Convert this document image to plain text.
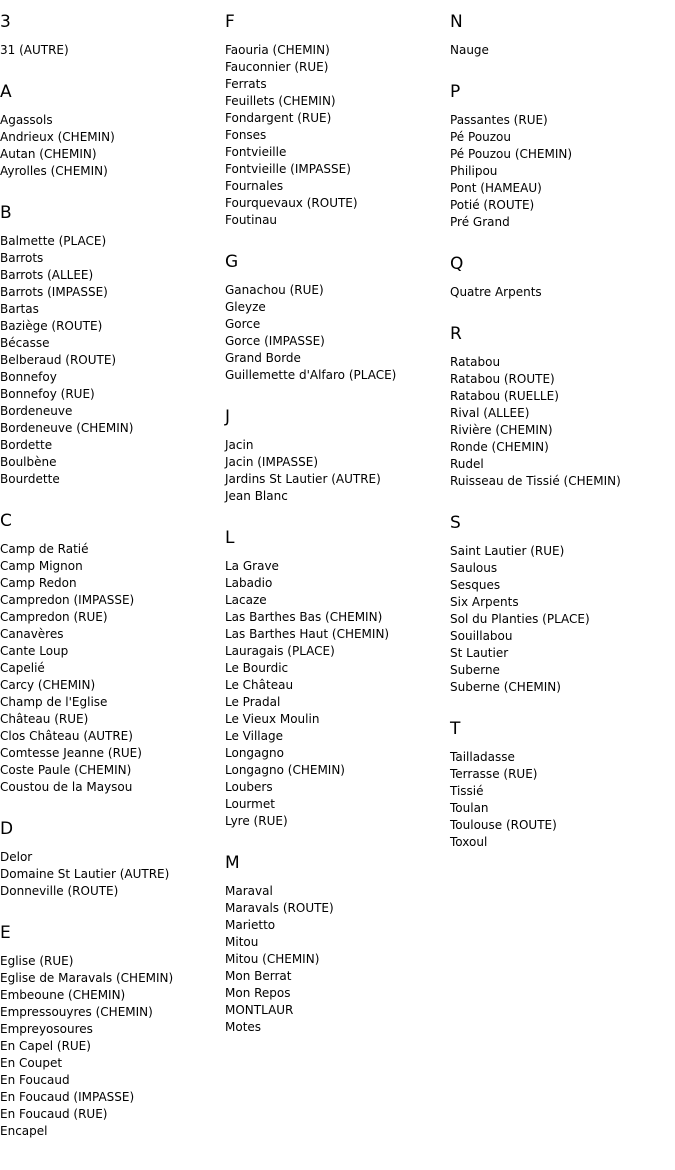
3
31 (AUTRE)
A
Agassols
Andrieux (CHEMIN)
Autan (CHEMIN)
Ayrolles (CHEMIN)
B
Balmette (PLACE)
Barrots
Barrots (ALLEE)
Barrots (IMPASSE)
Bartas
Baziège (ROUTE)
Bécasse
Belberaud (ROUTE)
Bonnefoy
Bonnefoy (RUE)
Bordeneuve
Bordeneuve (CHEMIN)
Bordette
Boulbène
Bourdette
C
Camp de Ratié
Camp Mignon
Camp Redon
Campredon (IMPASSE)
Campredon (RUE)
Canavères
Cante Loup
Capelié
Carcy (CHEMIN)
Champ de l'Eglise
Château (RUE)
Clos Château (AUTRE)
Comtesse Jeanne (RUE)
Coste Paule (CHEMIN)
Coustou de la Maysou
D
Delor
Domaine St Lautier (AUTRE)
Donneville (ROUTE)
E
Eglise (RUE)
Eglise de Maravals (CHEMIN)
Embeoune (CHEMIN)
Empressouyres (CHEMIN)
Empreyosoures
En Capel (RUE)
En Coupet
En Foucaud
En Foucaud (IMPASSE)
En Foucaud (RUE)
Encapel
F
Faouria (CHEMIN)
Fauconnier (RUE)
Ferrats
Feuillets (CHEMIN)
Fondargent (RUE)
Fonses
Fontvieille
Fontvieille (IMPASSE)
Fournales
Fourquevaux (ROUTE)
Foutinau
G
Ganachou (RUE)
Gleyze
Gorce
Gorce (IMPASSE)
Grand Borde
Guillemette d'Alfaro (PLACE)
J
Jacin
Jacin (IMPASSE)
Jardins St Lautier (AUTRE)
Jean Blanc
L
La Grave
Labadio
Lacaze
Las Barthes Bas (CHEMIN)
Las Barthes Haut (CHEMIN)
Lauragais (PLACE)
Le Bourdic
Le Château
Le Pradal
Le Vieux Moulin
Le Village
Longagno
Longagno (CHEMIN)
Loubers
Lourmet
Lyre (RUE)
M
Maraval
Maravals (ROUTE)
Marietto
Mitou
Mitou (CHEMIN)
Mon Berrat
Mon Repos
MONTLAUR
Motes
N
Nauge
P
Passantes (RUE)
Pé Pouzou
Pé Pouzou (CHEMIN)
Philipou
Pont (HAMEAU)
Potié (ROUTE)
Pré Grand
Q
Quatre Arpents
R
Ratabou
Ratabou (ROUTE)
Ratabou (RUELLE)
Rival (ALLEE)
Rivière (CHEMIN)
Ronde (CHEMIN)
Rudel
Ruisseau de Tissié (CHEMIN)
S
Saint Lautier (RUE)
Saulous
Sesques
Six Arpents
Sol du Planties (PLACE)
Souillabou
St Lautier
Suberne
Suberne (CHEMIN)
T
Tailladasse
Terrasse (RUE)
Tissié
Toulan
Toulouse (ROUTE)
Toxoul
